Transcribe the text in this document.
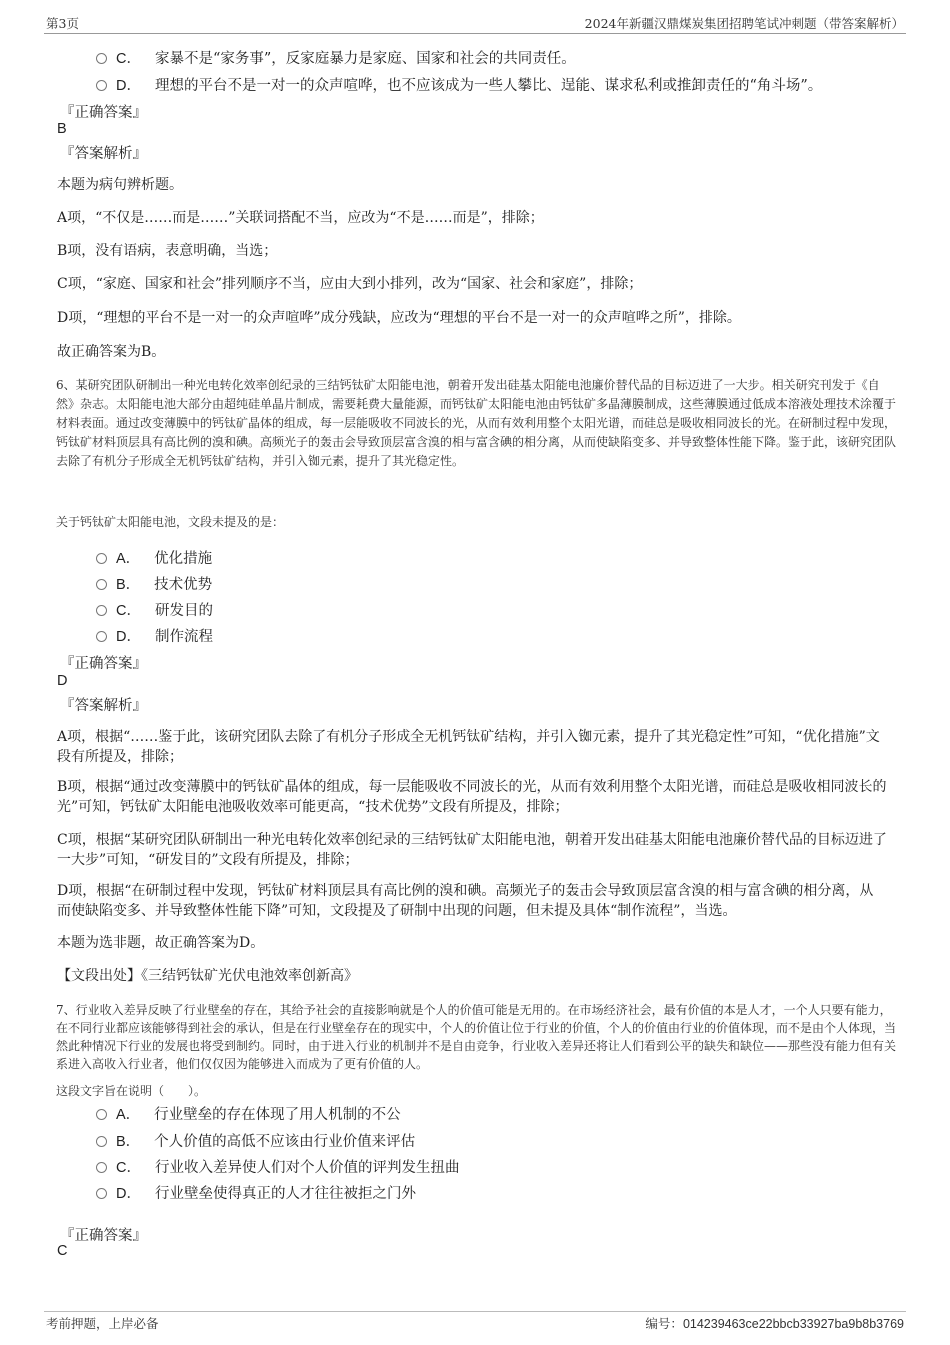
第3页	2024年新疆汉鼎煤炭集团招聘笔试冲刺题（带答案解析）
C． 家暴不是“家务事”，反家庭暴力是家庭、国家和社会的共同责任。
D． 理想的平台不是一对一的众声喧哗，也不应该成为一些人攀比、逞能、谋求私利或推卸责任的“角斗场”。
『正确答案』
B
『答案解析』
本题为病句辨析题。
A项，“不仅是……而是……”关联词搭配不当，应改为“不是……而是”，排除；
B项，没有语病，表意明确，当选；
C项，“家庭、国家和社会”排列顺序不当，应由大到小排列，改为“国家、社会和家庭”，排除；
D项，“理想的平台不是一对一的众声喧哗”成分残缺，应改为“理想的平台不是一对一的众声喧哗之所”，排除。
故正确答案为B。
6、某研究团队研制出一种光电转化效率创纪录的三结钙钛矿太阳能电池，朝着开发出硅基太阳能电池廉价替代品的目标迈进了一大步。相关研究刊发于《自然》杂志。太阳能电池大部分由超纯硅单晶片制成，需要耗费大量能源，而钙钛矿太阳能电池由钙钛矿多晶薄膜制成，这些薄膜通过低成本溶液处理技术涂覆于材料表面。通过改变薄膜中的钙钛矿晶体的组成，每一层能吸收不同波长的光，从而有效利用整个太阳光谱，而硅总是吸收相同波长的光。在研制过程中发现，钙钛矿材料顶层具有高比例的溴和碘。高频光子的轰击会导致顶层富含溴的相与富含碘的相分离，从而使缺陷变多、并导致整体性能下降。鉴于此，该研究团队去除了有机分子形成全无机钙钛矿结构，并引入铷元素，提升了其光稳定性。
关于钙钛矿太阳能电池，文段未提及的是：
A． 优化措施
B． 技术优势
C． 研发目的
D． 制作流程
『正确答案』
D
『答案解析』
A项，根据“……鉴于此，该研究团队去除了有机分子形成全无机钙钛矿结构，并引入铷元素，提升了其光稳定性”可知，“优化措施”文段有所提及，排除；
B项，根据“通过改变薄膜中的钙钛矿晶体的组成，每一层能吸收不同波长的光，从而有效利用整个太阳光谱，而硅总是吸收相同波长的光”可知，钙钛矿太阳能电池吸收效率可能更高，“技术优势”文段有所提及，排除；
C项，根据“某研究团队研制出一种光电转化效率创纪录的三结钙钛矿太阳能电池，朝着开发出硅基太阳能电池廉价替代品的目标迈进了一大步”可知，“研发目的”文段有所提及，排除；
D项，根据“在研制过程中发现，钙钛矿材料顶层具有高比例的溴和碘。高频光子的轰击会导致顶层富含溴的相与富含碘的相分离，从而使缺陷变多、并导致整体性能下降”可知，文段提及了研制中出现的问题，但未提及具体“制作流程”，当选。
本题为选非题，故正确答案为D。
【文段出处】《三结钙钛矿光伏电池效率创新高》
7、行业收入差异反映了行业壁垒的存在，其给予社会的直接影响就是个人的价值可能是无用的。在市场经济社会，最有价值的本是人才，一个人只要有能力，在不同行业都应该能够得到社会的承认，但是在行业壁垒存在的现实中，个人的价值让位于行业的价值，个人的价值由行业的价值体现，而不是由个人体现，当然此种情况下行业的发展也将受到制约。同时，由于进入行业的机制并不是自由竞争，行业收入差异还将让人们看到公平的缺失和缺位——那些没有能力但有关系进入高收入行业者，他们仅仅因为能够进入而成为了更有价值的人。
这段文字旨在说明（　　）。
A． 行业壁垒的存在体现了用人机制的不公
B． 个人价值的高低不应该由行业价值来评估
C． 行业收入差异使人们对个人价值的评判发生扭曲
D． 行业壁垒使得真正的人才往往被拒之门外
『正确答案』
C
考前押题，上岸必备	编号：014239463ce22bbcb33927ba9b8b3769
